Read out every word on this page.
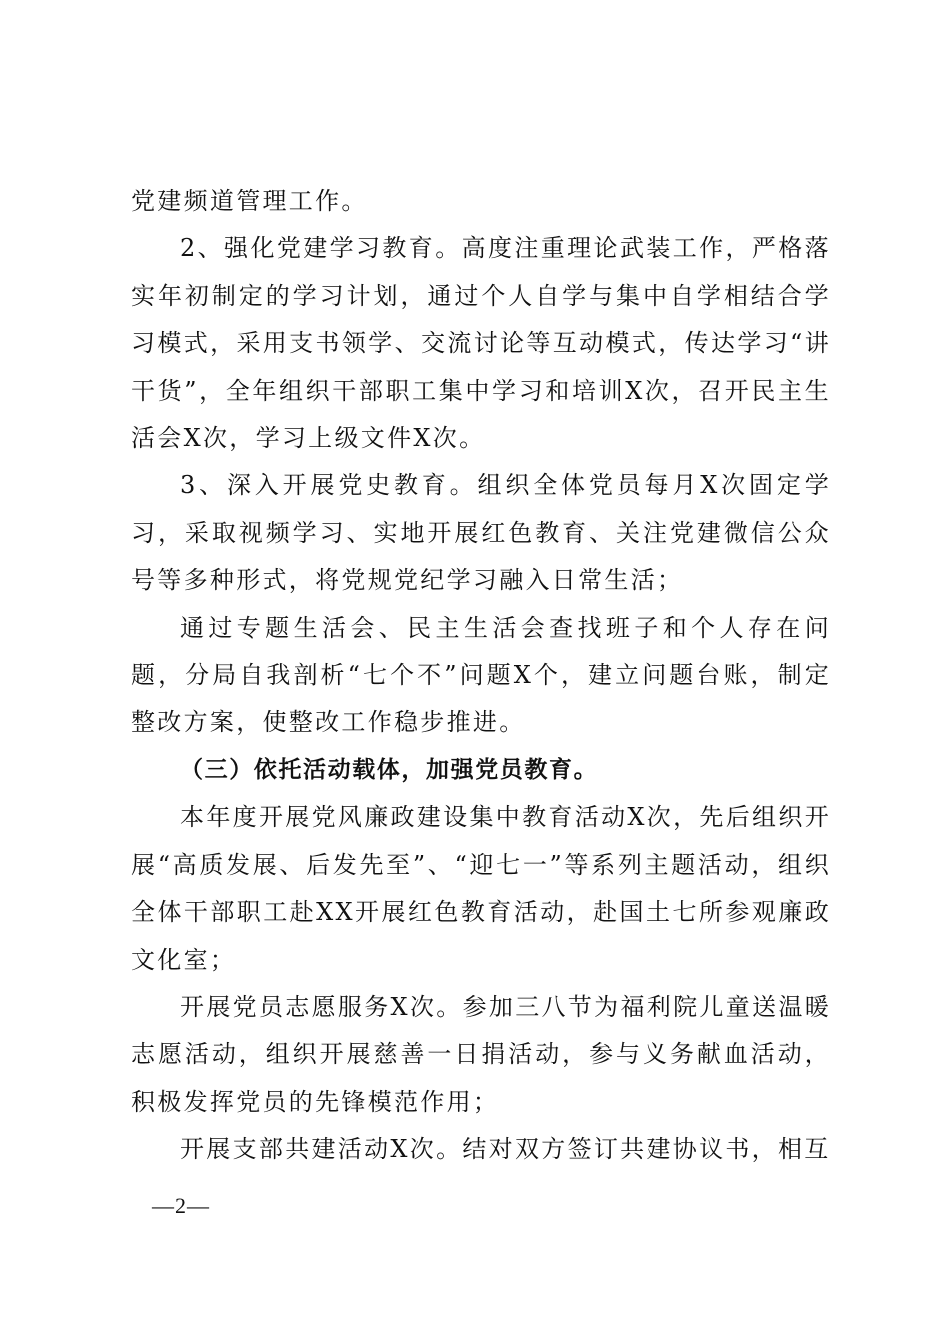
党建频道管理工作。

2、强化党建学习教育。高度注重理论武装工作，严格落实年初制定的学习计划，通过个人自学与集中自学相结合学习模式，采用支书领学、交流讨论等互动模式，传达学习“讲干货”，全年组织干部职工集中学习和培训X次，召开民主生活会X次，学习上级文件X次。

3、深入开展党史教育。组织全体党员每月X次固定学习，采取视频学习、实地开展红色教育、关注党建微信公众号等多种形式，将党规党纪学习融入日常生活；

通过专题生活会、民主生活会查找班子和个人存在问题，分局自我剖析“七个不”问题X个，建立问题台账，制定整改方案，使整改工作稳步推进。

（三）依托活动载体，加强党员教育。

本年度开展党风廉政建设集中教育活动X次，先后组织开展“高质发展、后发先至”、“迎七一”等系列主题活动，组织全体干部职工赴XX开展红色教育活动，赴国土七所参观廉政文化室；

开展党员志愿服务X次。参加三八节为福利院儿童送温暖志愿活动，组织开展慈善一日捐活动，参与义务献血活动，积极发挥党员的先锋模范作用；

开展支部共建活动X次。结对双方签订共建协议书，相互

—2—
